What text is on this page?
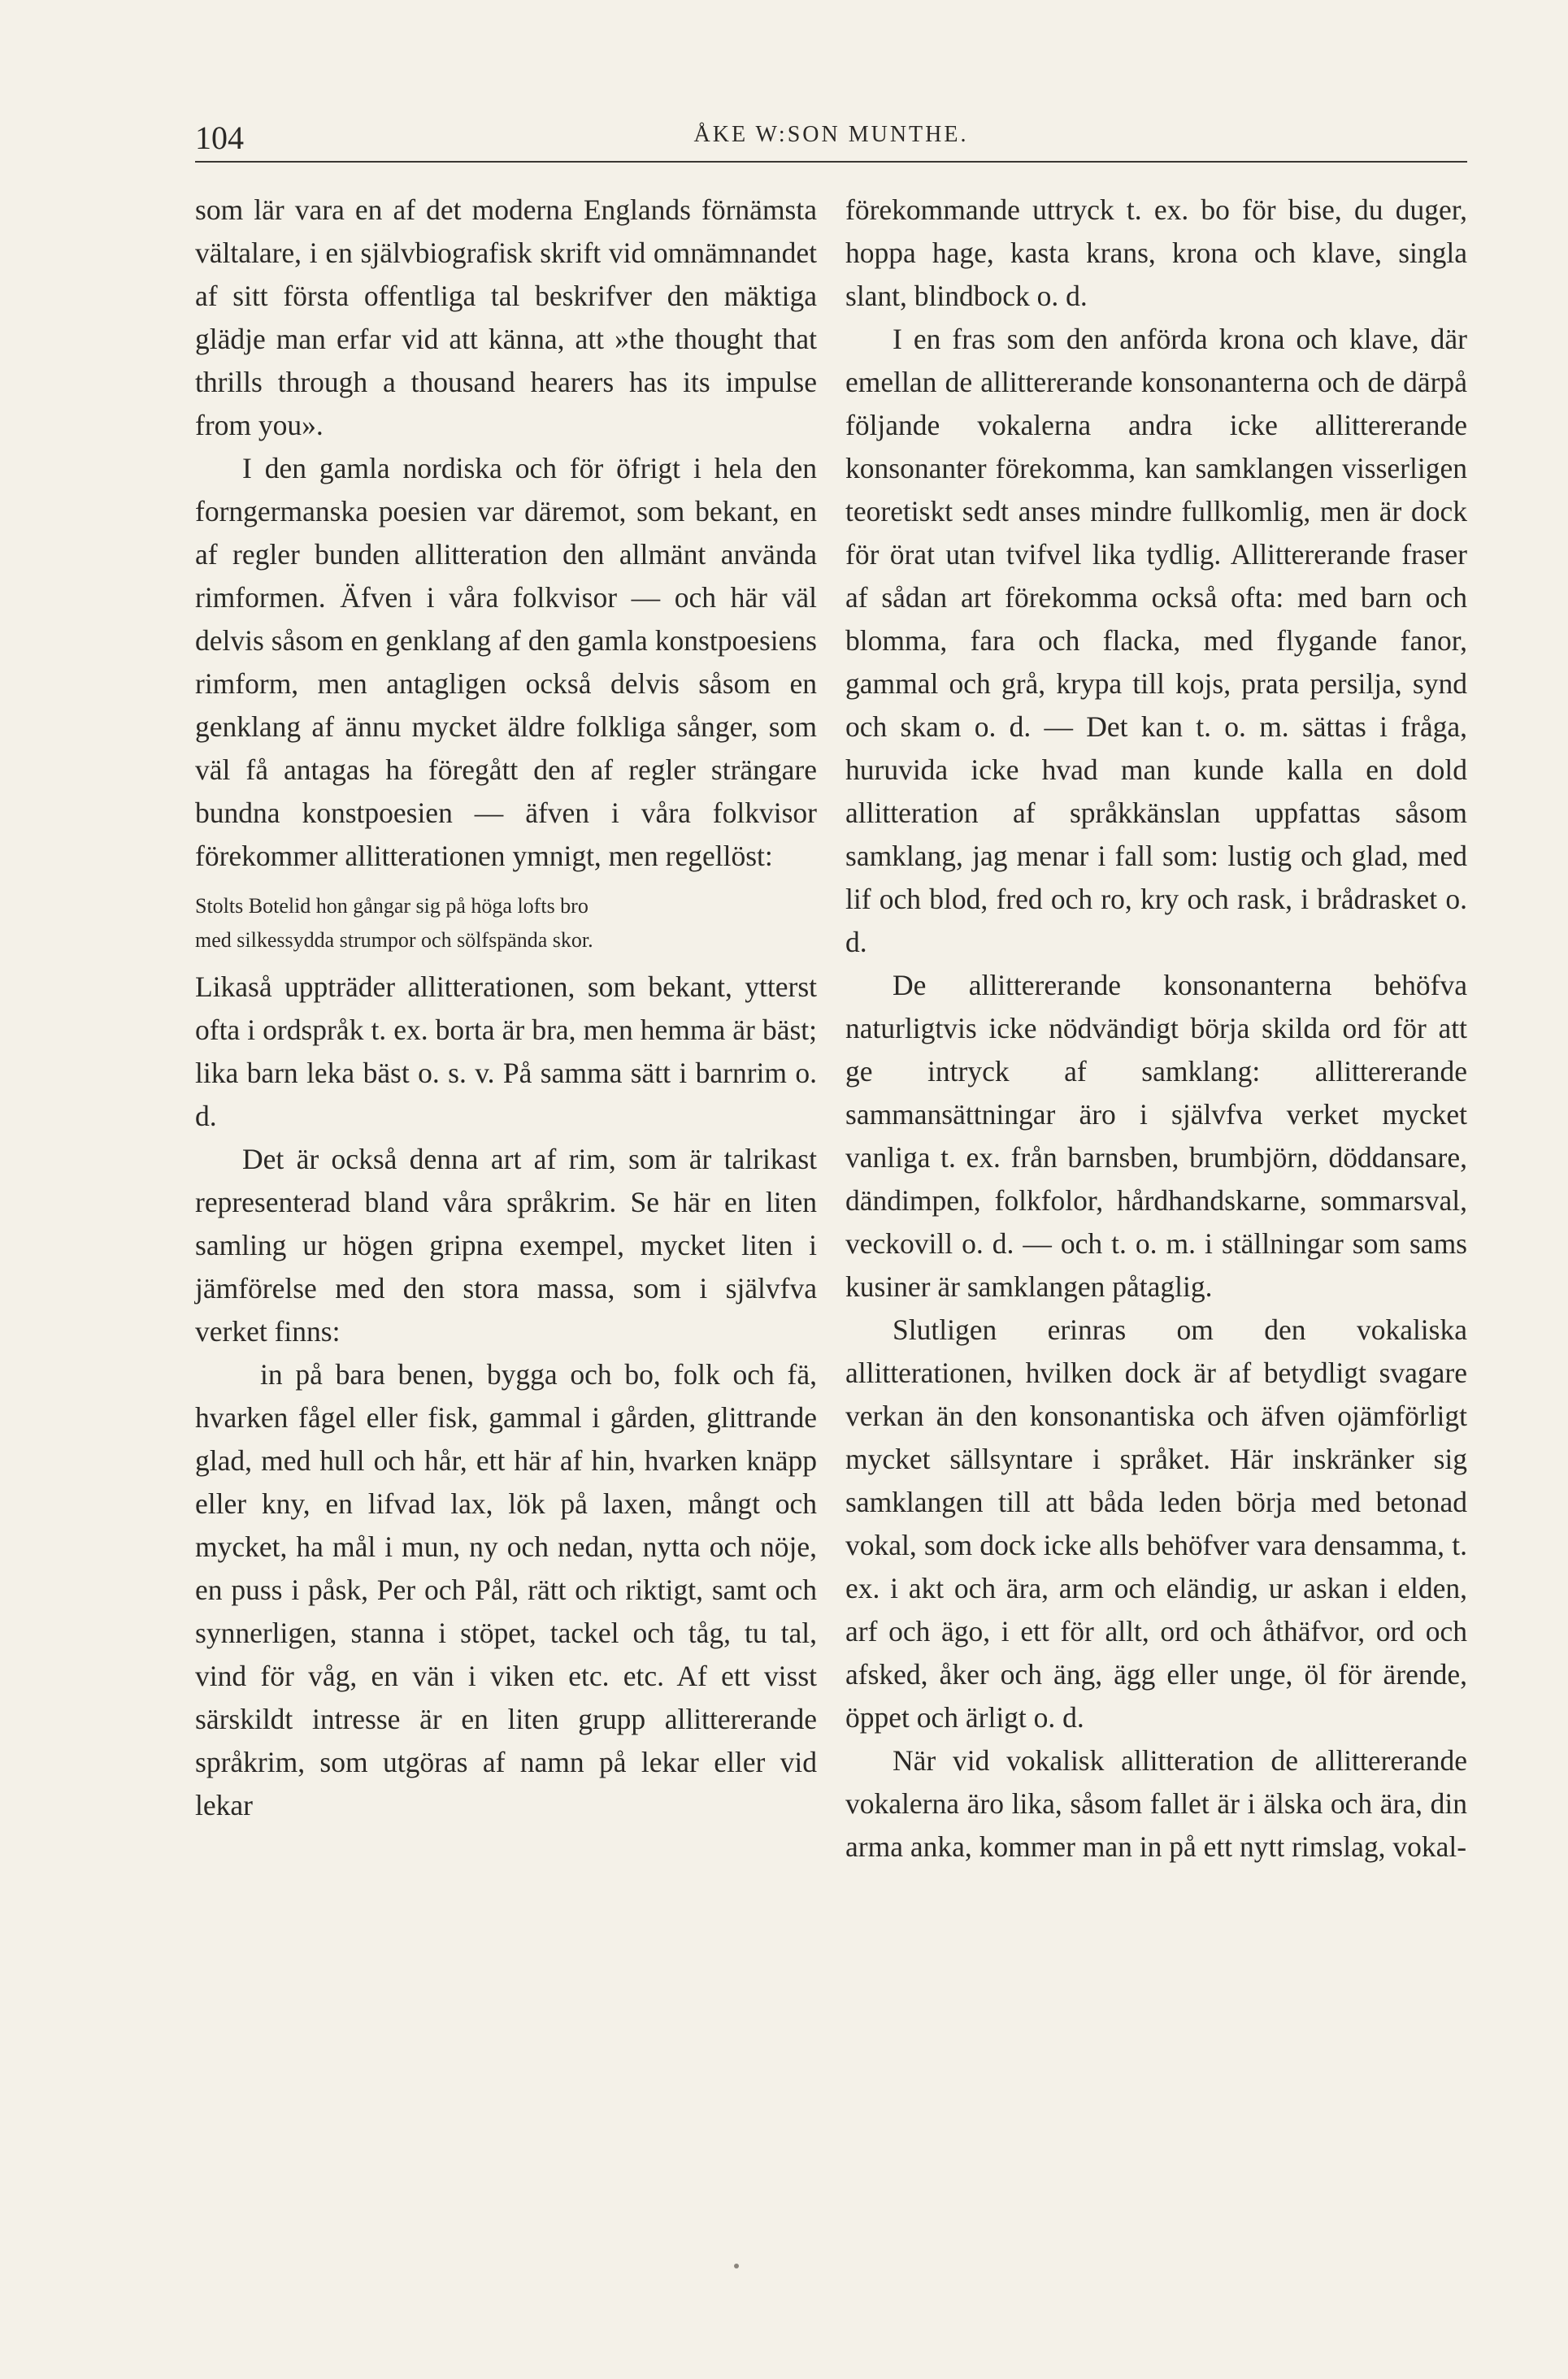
104	ÅKE W:SON MUNTHE.

som lär vara en af det moderna Englands förnämsta vältalare, i en självbiografisk skrift vid omnämnandet af sitt första offentliga tal beskrifver den mäktiga glädje man erfar vid att känna, att »the thought that thrills through a thousand hearers has its impulse from you».

I den gamla nordiska och för öfrigt i hela den forngermanska poesien var däremot, som bekant, en af regler bunden allitteration den allmänt använda rimformen. Äfven i våra folkvisor — och här väl delvis såsom en genklang af den gamla konstpoesiens rimform, men antagligen också delvis såsom en genklang af ännu mycket äldre folkliga sånger, som väl få antagas ha föregått den af regler strängare bundna konstpoesien — äfven i våra folkvisor förekommer allitterationen ymnigt, men regellöst:

Stolts Botelid hon gångar sig på höga lofts bro
med silkessydda strumpor och sölfspända skor.

Likaså uppträder allitterationen, som bekant, ytterst ofta i ordspråk t. ex. borta är bra, men hemma är bäst; lika barn leka bäst o. s. v. På samma sätt i barnrim o. d.

Det är också denna art af rim, som är talrikast representerad bland våra språkrim. Se här en liten samling ur högen gripna exempel, mycket liten i jämförelse med den stora massa, som i självfva verket finns:

in på bara benen, bygga och bo, folk och fä, hvarken fågel eller fisk, gammal i gården, glittrande glad, med hull och hår, ett här af hin, hvarken knäpp eller kny, en lifvad lax, lök på laxen, mångt och mycket, ha mål i mun, ny och nedan, nytta och nöje, en puss i påsk, Per och Pål, rätt och riktigt, samt och synnerligen, stanna i stöpet, tackel och tåg, tu tal, vind för våg, en vän i viken etc. etc. Af ett visst särskildt intresse är en liten grupp allittererande språkrim, som utgöras af namn på lekar eller vid lekar

förekommande uttryck t. ex. bo för bise, du duger, hoppa hage, kasta krans, krona och klave, singla slant, blindbock o. d.

I en fras som den anförda krona och klave, där emellan de allittererande konsonanterna och de därpå följande vokalerna andra icke allittererande konsonanter förekomma, kan samklangen visserligen teoretiskt sedt anses mindre fullkomlig, men är dock för örat utan tvifvel lika tydlig. Allittererande fraser af sådan art förekomma också ofta: med barn och blomma, fara och flacka, med flygande fanor, gammal och grå, krypa till kojs, prata persilja, synd och skam o. d. — Det kan t. o. m. sättas i fråga, huruvida icke hvad man kunde kalla en dold allitteration af språkkänslan uppfattas såsom samklang, jag menar i fall som: lustig och glad, med lif och blod, fred och ro, kry och rask, i brådrasket o. d.

De allittererande konsonanterna behöfva naturligtvis icke nödvändigt börja skilda ord för att ge intryck af samklang: allittererande sammansättningar äro i självfva verket mycket vanliga t. ex. från barnsben, brumbjörn, döddansare, dändimpen, folkfolor, hårdhandskarne, sommarsval, veckovill o. d. — och t. o. m. i ställningar som sams kusiner är samklangen påtaglig.

Slutligen erinras om den vokaliska allitterationen, hvilken dock är af betydligt svagare verkan än den konsonantiska och äfven ojämförligt mycket sällsyntare i språket. Här inskränker sig samklangen till att båda leden börja med betonad vokal, som dock icke alls behöfver vara densamma, t. ex. i akt och ära, arm och eländig, ur askan i elden, arf och ägo, i ett för allt, ord och åthäfvor, ord och afsked, åker och äng, ägg eller unge, öl för ärende, öppet och ärligt o. d.

När vid vokalisk allitteration de allittererande vokalerna äro lika, såsom fallet är i älska och ära, din arma anka, kommer man in på ett nytt rimslag, vokal-
